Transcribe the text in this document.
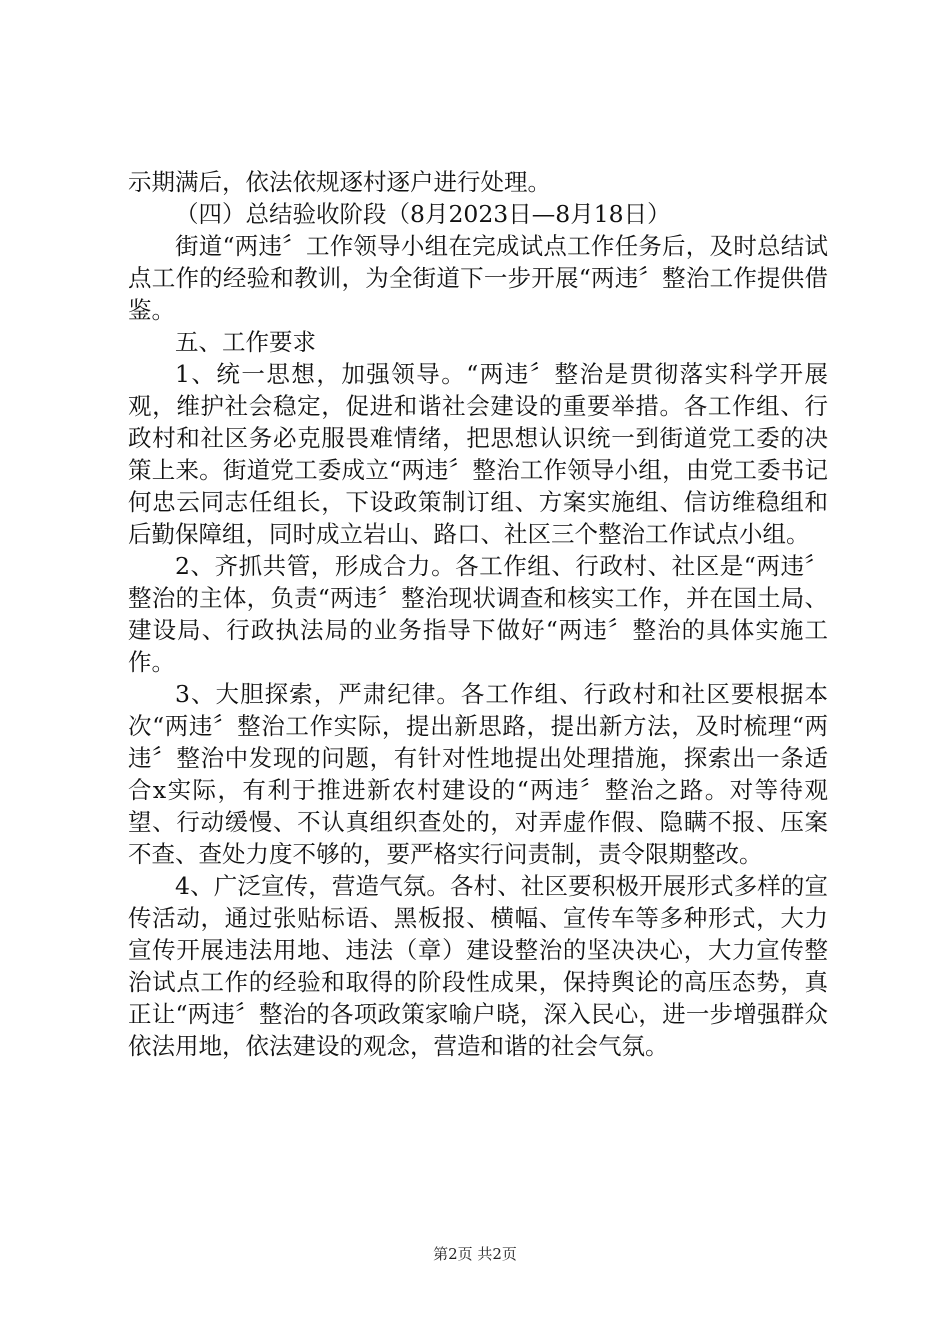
示期满后，依法依规逐村逐户进行处理。

（四）总结验收阶段（8月2023日—8月18日）

街道“两违〞工作领导小组在完成试点工作任务后，及时总结试点工作的经验和教训，为全街道下一步开展“两违〞整治工作提供借鉴。

五、工作要求

1、统一思想，加强领导。“两违〞整治是贯彻落实科学开展观，维护社会稳定，促进和谐社会建设的重要举措。各工作组、行政村和社区务必克服畏难情绪，把思想认识统一到街道党工委的决策上来。街道党工委成立“两违〞整治工作领导小组，由党工委书记何忠云同志任组长，下设政策制订组、方案实施组、信访维稳组和后勤保障组，同时成立岩山、路口、社区三个整治工作试点小组。

2、齐抓共管，形成合力。各工作组、行政村、社区是“两违〞整治的主体，负责“两违〞整治现状调查和核实工作，并在国土局、建设局、行政执法局的业务指导下做好“两违〞整治的具体实施工作。

3、大胆探索，严肃纪律。各工作组、行政村和社区要根据本次“两违〞整治工作实际，提出新思路，提出新方法，及时梳理“两违〞整治中发现的问题，有针对性地提出处理措施，探索出一条适合x实际，有利于推进新农村建设的“两违〞整治之路。对等待观望、行动缓慢、不认真组织查处的，对弄虚作假、隐瞒不报、压案不查、查处力度不够的，要严格实行问责制，责令限期整改。

4、广泛宣传，营造气氛。各村、社区要积极开展形式多样的宣传活动，通过张贴标语、黑板报、横幅、宣传车等多种形式，大力宣传开展违法用地、违法（章）建设整治的坚决决心，大力宣传整治试点工作的经验和取得的阶段性成果，保持舆论的高压态势，真正让“两违〞整治的各项政策家喻户晓，深入民心，进一步增强群众依法用地，依法建设的观念，营造和谐的社会气氛。

第2页 共2页
